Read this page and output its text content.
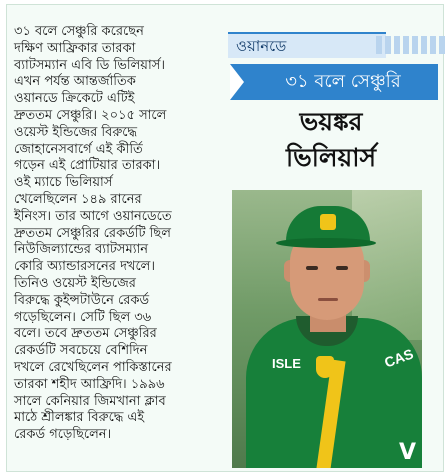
৩১ বলে সেঞ্চুরি করেছেন
দক্ষিণ আফ্রিকার তারকা
ব্যাটসম্যান এবি ডি ভিলিয়ার্স।
এখন পর্যন্ত আন্তর্জাতিক
ওয়ানডে ক্রিকেটে এটিই
দ্রুততম সেঞ্চুরি। ২০১৫ সালে
ওয়েস্ট ইন্ডিজের বিরুদ্ধে
জোহানেসবার্গে এই কীর্তি
গড়েন এই প্রোটিয়ার তারকা।
ওই ম্যাচে ভিলিয়ার্স
খেলেছিলেন ১৪৯ রানের
ইনিংস। তার আগে ওয়ানডেতে
দ্রুততম সেঞ্চুরির রেকর্ডটি ছিল
নিউজিল্যান্ডের ব্যাটসম্যান
কোরি অ্যান্ডারসনের দখলে।
তিনিও ওয়েস্ট ইন্ডিজের
বিরুদ্ধে কুইন্সটাউনে রেকর্ড
গড়েছিলেন। সেটি ছিল ৩৬
বলে। তবে দ্রুততম সেঞ্চুরির
রেকর্ডটি সবচেয়ে বেশিদিন
দখলে রেখেছিলেন পাকিস্তানের
তারকা শহীদ আফ্রিদি। ১৯৯৬
সালে কেনিয়ার জিমখানা ক্লাব
মাঠে শ্রীলঙ্কার বিরুদ্ধে এই
রেকর্ড গড়েছিলেন।
ওয়ানডে
৩১ বলে সেঞ্চুরি
ভয়ঙ্কর
ভিলিয়ার্স
ISLE	CAS
V
